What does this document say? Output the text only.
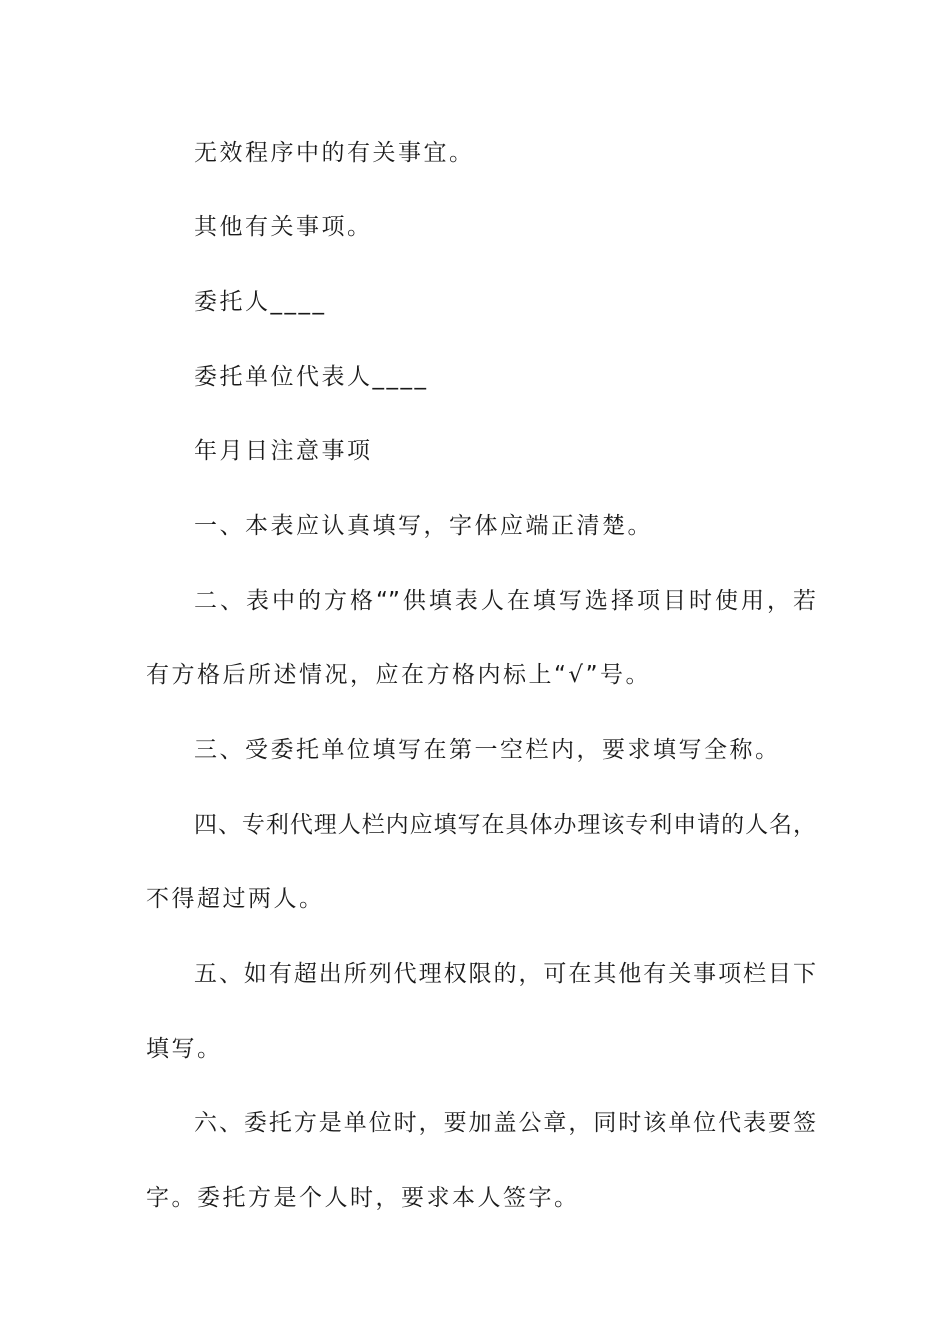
无效程序中的有关事宜。
其他有关事项。
委托人____
委托单位代表人____
年月日注意事项
一、本表应认真填写，字体应端正清楚。
二、表中的方格“”供填表人在填写选择项目时使用，若
有方格后所述情况，应在方格内标上“√”号。
三、受委托单位填写在第一空栏内，要求填写全称。
四、专利代理人栏内应填写在具体办理该专利申请的人名，
不得超过两人。
五、如有超出所列代理权限的，可在其他有关事项栏目下
填写。
六、委托方是单位时，要加盖公章，同时该单位代表要签
字。委托方是个人时，要求本人签字。
